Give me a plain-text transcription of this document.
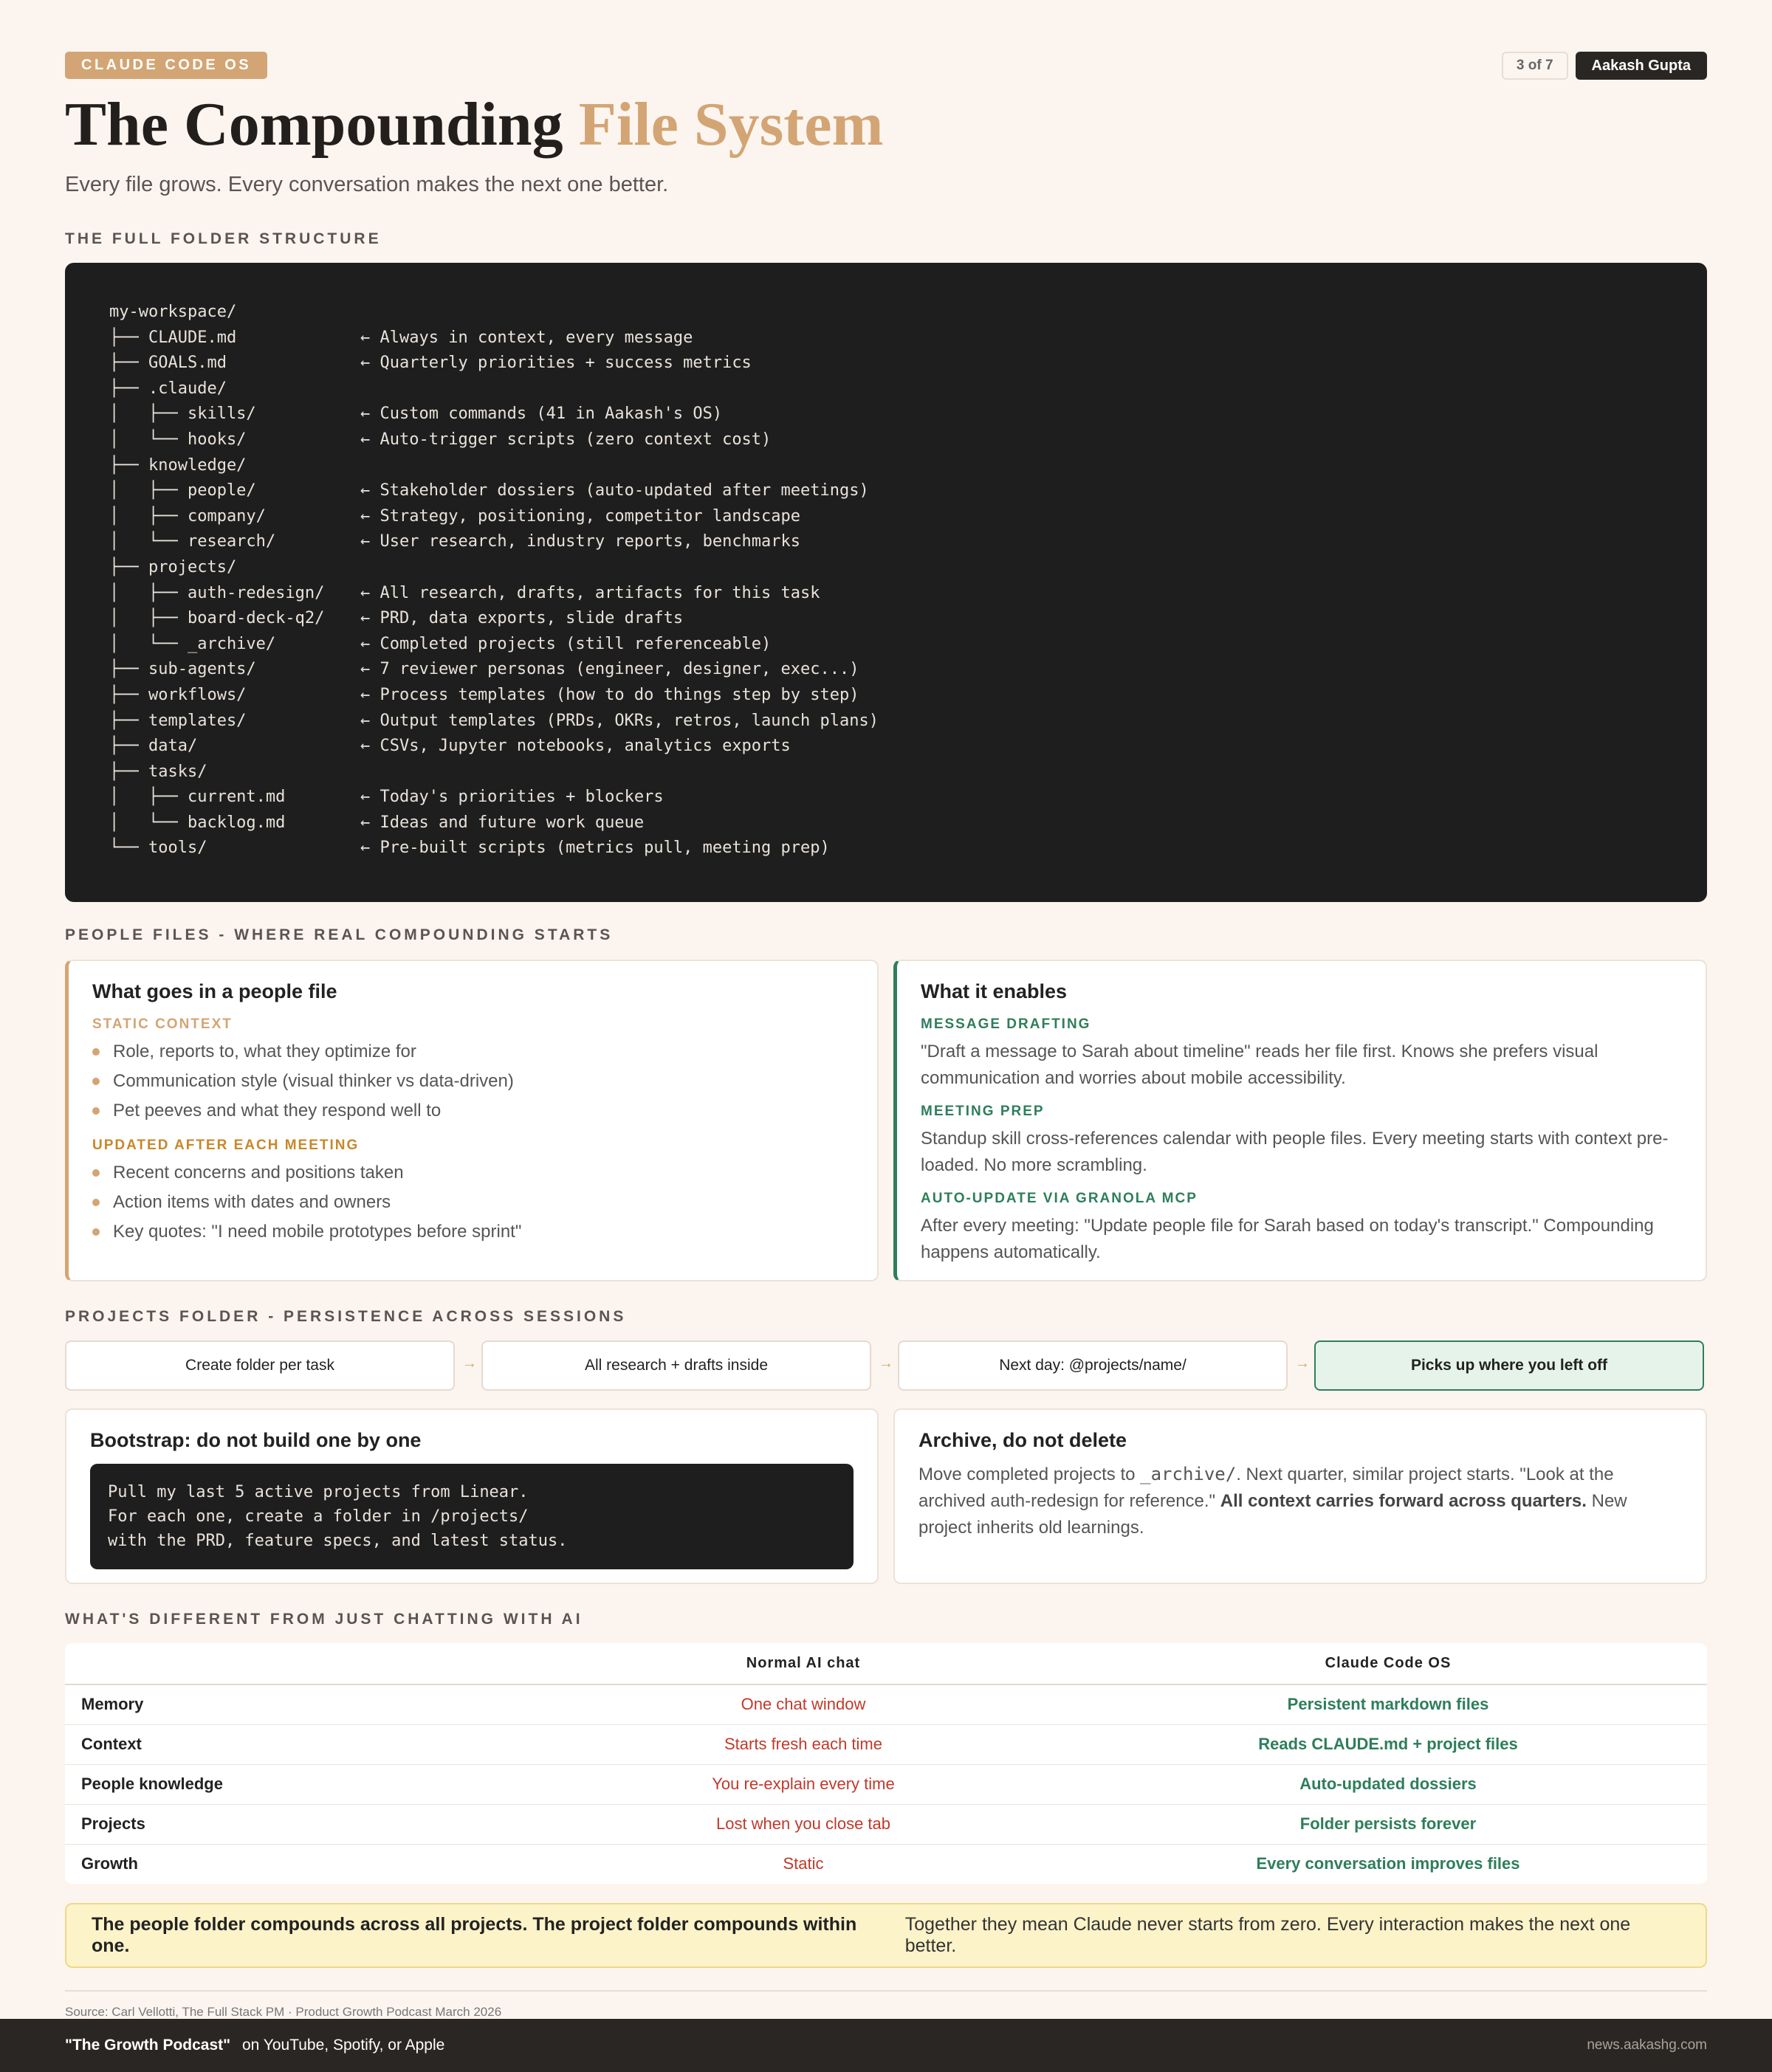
CLAUDE CODE OS	3 of 7	Aakash Gupta
The Compounding File System
Every file grows. Every conversation makes the next one better.
THE FULL FOLDER STRUCTURE
my-workspace/
├── CLAUDE.md	← Always in context, every message
├── GOALS.md	← Quarterly priorities + success metrics
├── .claude/
│   ├── skills/	← Custom commands (41 in Aakash's OS)
│   └── hooks/	← Auto-trigger scripts (zero context cost)
├── knowledge/
│   ├── people/	← Stakeholder dossiers (auto-updated after meetings)
│   ├── company/	← Strategy, positioning, competitor landscape
│   └── research/	← User research, industry reports, benchmarks
├── projects/
│   ├── auth-redesign/	← All research, drafts, artifacts for this task
│   ├── board-deck-q2/	← PRD, data exports, slide drafts
│   └── _archive/	← Completed projects (still referenceable)
├── sub-agents/	← 7 reviewer personas (engineer, designer, exec...)
├── workflows/	← Process templates (how to do things step by step)
├── templates/	← Output templates (PRDs, OKRs, retros, launch plans)
├── data/	← CSVs, Jupyter notebooks, analytics exports
├── tasks/
│   ├── current.md	← Today's priorities + blockers
│   └── backlog.md	← Ideas and future work queue
└── tools/	← Pre-built scripts (metrics pull, meeting prep)
PEOPLE FILES - WHERE REAL COMPOUNDING STARTS
What goes in a people file
STATIC CONTEXT
Role, reports to, what they optimize for
Communication style (visual thinker vs data-driven)
Pet peeves and what they respond well to
UPDATED AFTER EACH MEETING
Recent concerns and positions taken
Action items with dates and owners
Key quotes: "I need mobile prototypes before sprint"
What it enables
MESSAGE DRAFTING
"Draft a message to Sarah about timeline" reads her file first. Knows she prefers visual communication and worries about mobile accessibility.
MEETING PREP
Standup skill cross-references calendar with people files. Every meeting starts with context pre-loaded. No more scrambling.
AUTO-UPDATE VIA GRANOLA MCP
After every meeting: "Update people file for Sarah based on today's transcript." Compounding happens automatically.
PROJECTS FOLDER - PERSISTENCE ACROSS SESSIONS
Create folder per task	→	All research + drafts inside	→	Next day: @projects/name/	→	Picks up where you left off
Bootstrap: do not build one by one
Pull my last 5 active projects from Linear.
For each one, create a folder in /projects/
with the PRD, feature specs, and latest status.
Archive, do not delete
Move completed projects to _archive/. Next quarter, similar project starts. "Look at the archived auth-redesign for reference." All context carries forward across quarters. New project inherits old learnings.
WHAT'S DIFFERENT FROM JUST CHATTING WITH AI
	Normal AI chat	Claude Code OS
Memory	One chat window	Persistent markdown files
Context	Starts fresh each time	Reads CLAUDE.md + project files
People knowledge	You re-explain every time	Auto-updated dossiers
Projects	Lost when you close tab	Folder persists forever
Growth	Static	Every conversation improves files
The people folder compounds across all projects. The project folder compounds within one.
Together they mean Claude never starts from zero. Every interaction makes the next one better.
Source: Carl Vellotti, The Full Stack PM · Product Growth Podcast March 2026
"The Growth Podcast" on YouTube, Spotify, or Apple	news.aakashg.com
